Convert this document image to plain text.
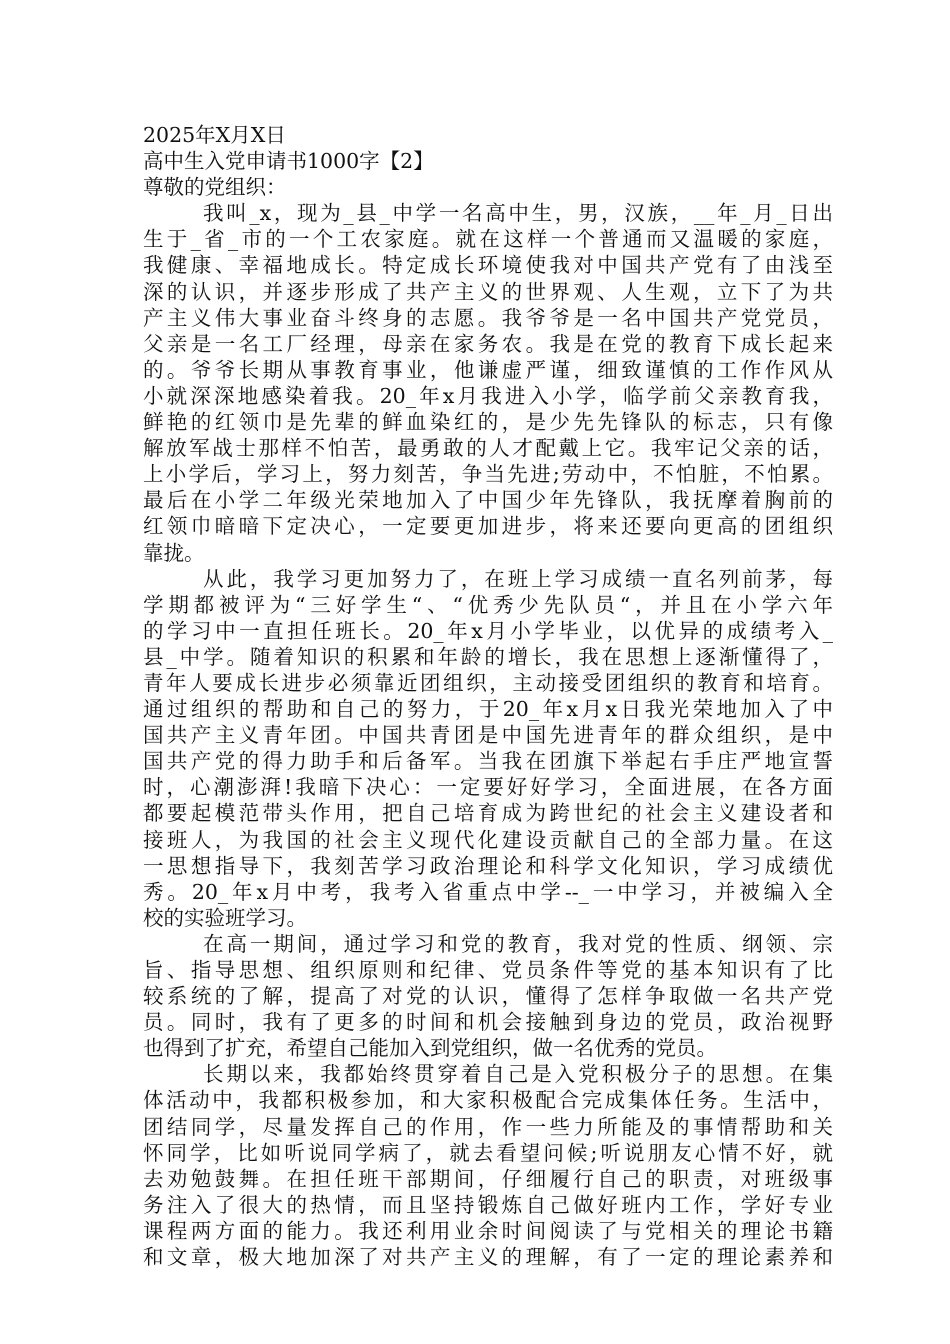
2025年X月X日
高中生入党申请书1000字【2】
尊敬的党组织：
我叫_x，现为_县_中学一名高中生，男，汉族，__年_月_日出
生于_省_市的一个工农家庭。就在这样一个普通而又温暖的家庭，
我健康、幸福地成长。特定成长环境使我对中国共产党有了由浅至
深的认识，并逐步形成了共产主义的世界观、人生观，立下了为共
产主义伟大事业奋斗终身的志愿。我爷爷是一名中国共产党党员，
父亲是一名工厂经理，母亲在家务农。我是在党的教育下成长起来
的。爷爷长期从事教育事业，他谦虚严谨，细致谨慎的工作作风从
小就深深地感染着我。20_年x月我进入小学，临学前父亲教育我，
鲜艳的红领巾是先辈的鲜血染红的，是少先先锋队的标志，只有像
解放军战士那样不怕苦，最勇敢的人才配戴上它。我牢记父亲的话，
上小学后，学习上，努力刻苦，争当先进;劳动中，不怕脏，不怕累。
最后在小学二年级光荣地加入了中国少年先锋队，我抚摩着胸前的
红领巾暗暗下定决心，一定要更加进步，将来还要向更高的团组织
靠拢。
从此，我学习更加努力了，在班上学习成绩一直名列前茅，每
学期都被评为“三好学生“、“优秀少先队员“，并且在小学六年
的学习中一直担任班长。20_年x月小学毕业，以优异的成绩考入_
县_中学。随着知识的积累和年龄的增长，我在思想上逐渐懂得了，
青年人要成长进步必须靠近团组织，主动接受团组织的教育和培育。
通过组织的帮助和自己的努力，于20_年x月x日我光荣地加入了中
国共产主义青年团。中国共青团是中国先进青年的群众组织，是中
国共产党的得力助手和后备军。当我在团旗下举起右手庄严地宣誓
时，心潮澎湃!我暗下决心：一定要好好学习，全面进展，在各方面
都要起模范带头作用，把自己培育成为跨世纪的社会主义建设者和
接班人，为我国的社会主义现代化建设贡献自己的全部力量。在这
一思想指导下，我刻苦学习政治理论和科学文化知识，学习成绩优
秀。20_年x月中考，我考入省重点中学--_一中学习，并被编入全
校的实验班学习。
在高一期间，通过学习和党的教育，我对党的性质、纲领、宗
旨、指导思想、组织原则和纪律、党员条件等党的基本知识有了比
较系统的了解，提高了对党的认识，懂得了怎样争取做一名共产党
员。同时，我有了更多的时间和机会接触到身边的党员，政治视野
也得到了扩充，希望自己能加入到党组织，做一名优秀的党员。
长期以来，我都始终贯穿着自己是入党积极分子的思想。在集
体活动中，我都积极参加，和大家积极配合完成集体任务。生活中，
团结同学，尽量发挥自己的作用，作一些力所能及的事情帮助和关
怀同学，比如听说同学病了，就去看望问候;听说朋友心情不好，就
去劝勉鼓舞。在担任班干部期间，仔细履行自己的职责，对班级事
务注入了很大的热情，而且坚持锻炼自己做好班内工作，学好专业
课程两方面的能力。我还利用业余时间阅读了与党相关的理论书籍
和文章，极大地加深了对共产主义的理解，有了一定的理论素养和
